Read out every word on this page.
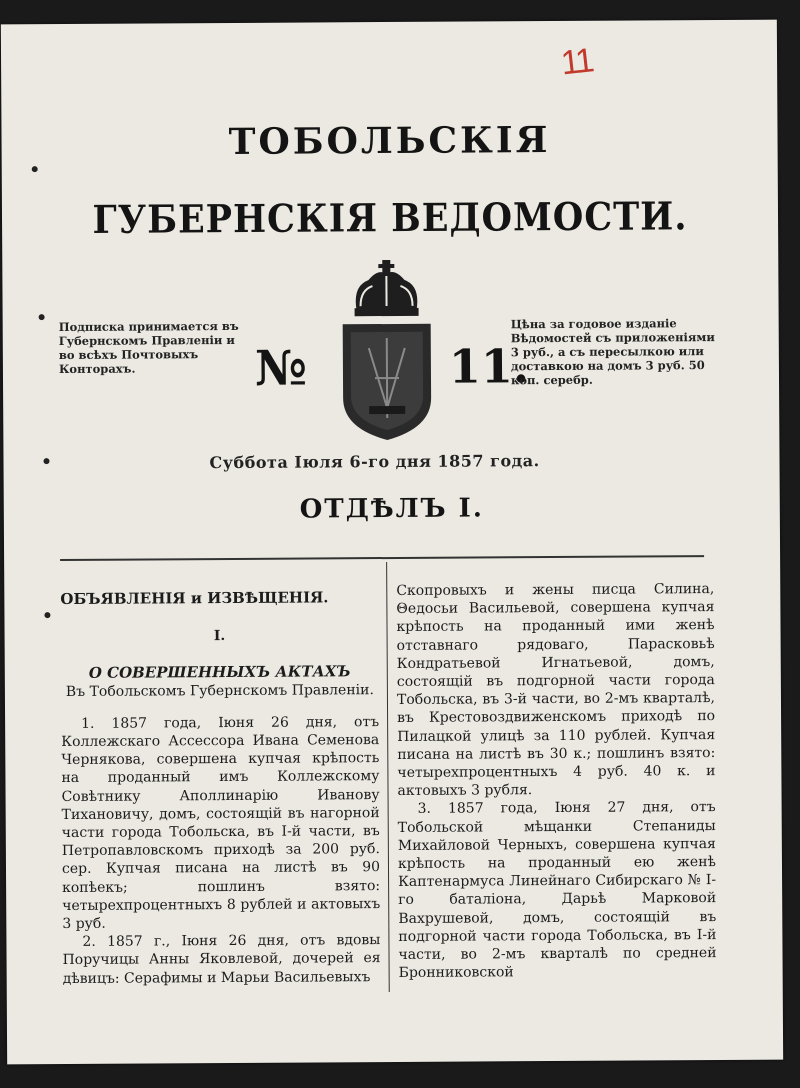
11
ТОБОЛЬСКIЯ
ГУБЕРНСКIЯ ВЕДОМОСТИ.
Подписка принимается въ Губернскомъ Правленiи и во всѣхъ Почтовыхъ Конторахъ.	№	11.
Цѣна за годовое изданiе Вѣдомостей съ приложенiями 3 руб., а съ пересылкою или доставкою на домъ 3 руб. 50 коп. серебр.
Суббота Iюля 6-го дня 1857 года.
ОТДѢЛЪ I.

ОБЪЯВЛЕНIЯ и ИЗВѢЩЕНIЯ.

I.

О СОВЕРШЕННЫХЪ АКТАХЪ

Въ Тобольскомъ Губернскомъ Правленiи.

1. 1857 года, Iюня 26 дня, отъ Коллежскаго Ассессора Ивана Семенова Чернякова, совершена купчая крѣпость на проданный имъ Коллежскому Совѣтнику Аполлинарiю Иванову Тихановичу, домъ, состоящiй въ нагорной части города Тобольска, въ I-й части, въ Петропавловскомъ приходѣ за 200 руб. сер. Купчая писана на листѣ въ 90 копѣекъ; пошлинъ взято: четырехпроцентныхъ 8 рублей и актовыхъ 3 руб.

2. 1857 г., Iюня 26 дня, отъ вдовы Поручицы Анны Яковлевой, дочерей ея дѣвицъ: Серафимы и Марьи Васильевыхъ

Скопровыхъ и жены писца Силина, Θедосьи Васильевой, совершена купчая крѣпость на проданный ими женѣ отставнаго рядоваго, Парасковьѣ Кондратьевой Игнатьевой, домъ, состоящiй въ подгорной части города Тобольска, въ 3-й части, во 2-мъ кварталѣ, въ Крестовоздвиженскомъ приходѣ по Пилацкой улицѣ за 110 рублей. Купчая писана на листѣ въ 30 к.; пошлинъ взято: четырехпроцентныхъ 4 руб. 40 к. и актовыхъ 3 рубля.

3. 1857 года, Iюня 27 дня, отъ Тобольской мѣщанки Степаниды Михайловой Черныхъ, совершена купчая крѣпость на проданный ею женѣ Каптенармуса Линейнаго Сибирскаго № I-го баталiона, Дарьѣ Марковой Вахрушевой, домъ, состоящiй въ подгорной части города Тобольска, въ I-й части, во 2-мъ кварталѣ по средней Бронниковской
